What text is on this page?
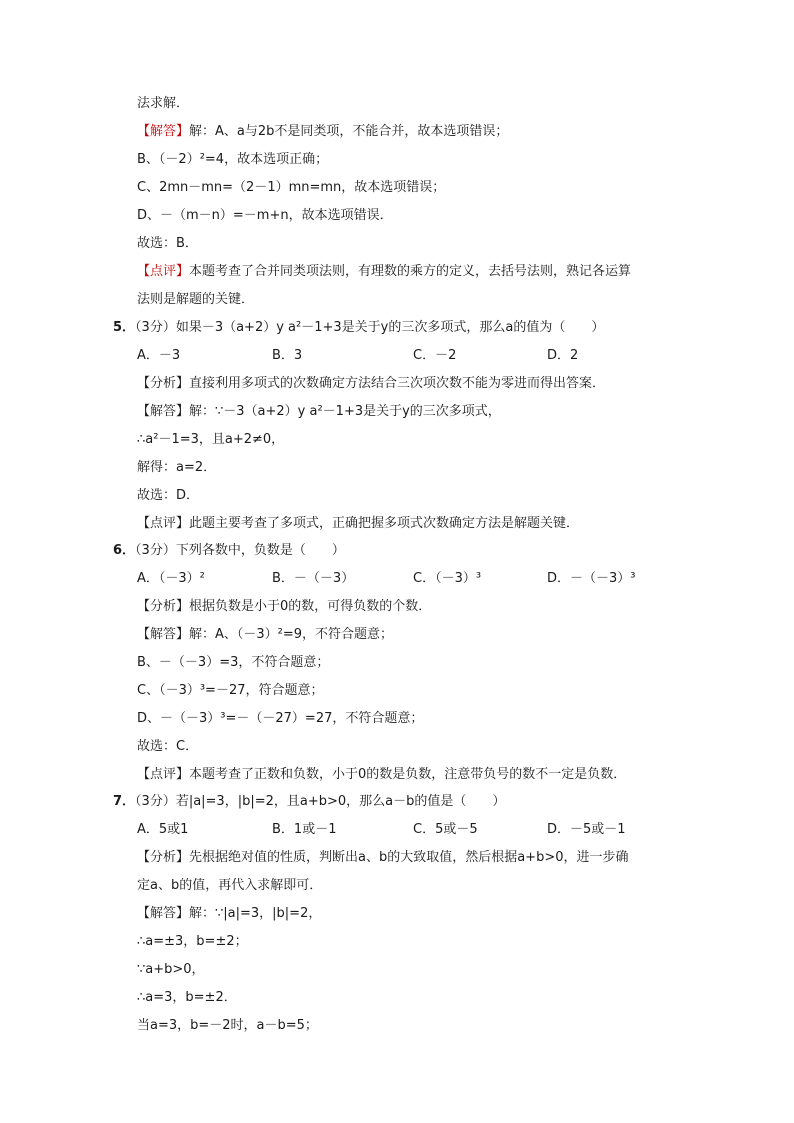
法求解．
【解答】解：A、a与2b不是同类项，不能合并，故本选项错误；
B、（－2）²=4，故本选项正确；
C、2mn－mn=（2－1）mn=mn，故本选项错误；
D、－（m－n）=－m+n，故本选项错误．
故选：B．
【点评】本题考查了合并同类项法则，有理数的乘方的定义，去括号法则，熟记各运算
法则是解题的关键．
5．（3分）如果－3（a+2）y a²－1+3是关于y的三次多项式，那么a的值为（　　）
A．－3	B．3	C．－2	D．2
【分析】直接利用多项式的次数确定方法结合三次项次数不能为零进而得出答案．
【解答】解：∵－3（a+2）y a²－1+3是关于y的三次多项式，
∴a²－1=3，且a+2≠0，
解得：a=2．
故选：D．
【点评】此题主要考查了多项式，正确把握多项式次数确定方法是解题关键．
6．（3分）下列各数中，负数是（　　）
A．（－3）²	B．－（－3）	C．（－3）³	D．－（－3）³
【分析】根据负数是小于0的数，可得负数的个数．
【解答】解：A、（－3）²=9，不符合题意；
B、－（－3）=3，不符合题意；
C、（－3）³=－27，符合题意；
D、－（－3）³=－（－27）=27，不符合题意；
故选：C．
【点评】本题考查了正数和负数，小于0的数是负数，注意带负号的数不一定是负数．
7．（3分）若|a|=3，|b|=2，且a+b>0，那么a－b的值是（　　）
A．5或1	B．1或－1	C．5或－5	D．－5或－1
【分析】先根据绝对值的性质，判断出a、b的大致取值，然后根据a+b>0，进一步确
定a、b的值，再代入求解即可．
【解答】解：∵|a|=3，|b|=2，
∴a=±3，b=±2；
∵a+b>0，
∴a=3，b=±2．
当a=3，b=－2时，a－b=5；
